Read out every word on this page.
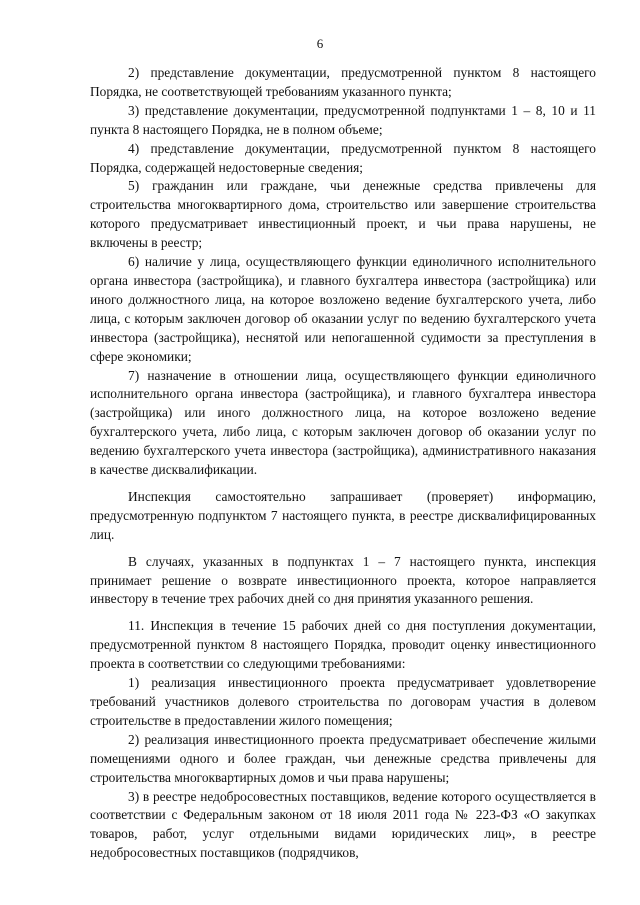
6

2) представление документации, предусмотренной пунктом 8 настоящего Порядка, не соответствующей требованиям указанного пункта;

3) представление документации, предусмотренной подпунктами 1 – 8, 10 и 11 пункта 8 настоящего Порядка, не в полном объеме;

4) представление документации, предусмотренной пунктом 8 настоящего Порядка, содержащей недостоверные сведения;

5) гражданин или граждане, чьи денежные средства привлечены для строительства многоквартирного дома, строительство или завершение строительства которого предусматривает инвестиционный проект, и чьи права нарушены, не включены в реестр;

6) наличие у лица, осуществляющего функции единоличного исполнительного органа инвестора (застройщика), и главного бухгалтера инвестора (застройщика) или иного должностного лица, на которое возложено ведение бухгалтерского учета, либо лица, с которым заключен договор об оказании услуг по ведению бухгалтерского учета инвестора (застройщика), неснятой или непогашенной судимости за преступления в сфере экономики;

7) назначение в отношении лица, осуществляющего функции единоличного исполнительного органа инвестора (застройщика), и главного бухгалтера инвестора (застройщика) или иного должностного лица, на которое возложено ведение бухгалтерского учета, либо лица, с которым заключен договор об оказании услуг по ведению бухгалтерского учета инвестора (застройщика), административного наказания в качестве дисквалификации.

Инспекция самостоятельно запрашивает (проверяет) информацию, предусмотренную подпунктом 7 настоящего пункта, в реестре дисквалифицированных лиц.

В случаях, указанных в подпунктах 1 – 7 настоящего пункта, инспекция принимает решение о возврате инвестиционного проекта, которое направляется инвестору в течение трех рабочих дней со дня принятия указанного решения.

11. Инспекция в течение 15 рабочих дней со дня поступления документации, предусмотренной пунктом 8 настоящего Порядка, проводит оценку инвестиционного проекта в соответствии со следующими требованиями:

1) реализация инвестиционного проекта предусматривает удовлетворение требований участников долевого строительства по договорам участия в долевом строительстве в предоставлении жилого помещения;

2) реализация инвестиционного проекта предусматривает обеспечение жилыми помещениями одного и более граждан, чьи денежные средства привлечены для строительства многоквартирных домов и чьи права нарушены;

3) в реестре недобросовестных поставщиков, ведение которого осуществляется в соответствии с Федеральным законом от 18 июля 2011 года № 223-ФЗ «О закупках товаров, работ, услуг отдельными видами юридических лиц», в реестре недобросовестных поставщиков (подрядчиков,
